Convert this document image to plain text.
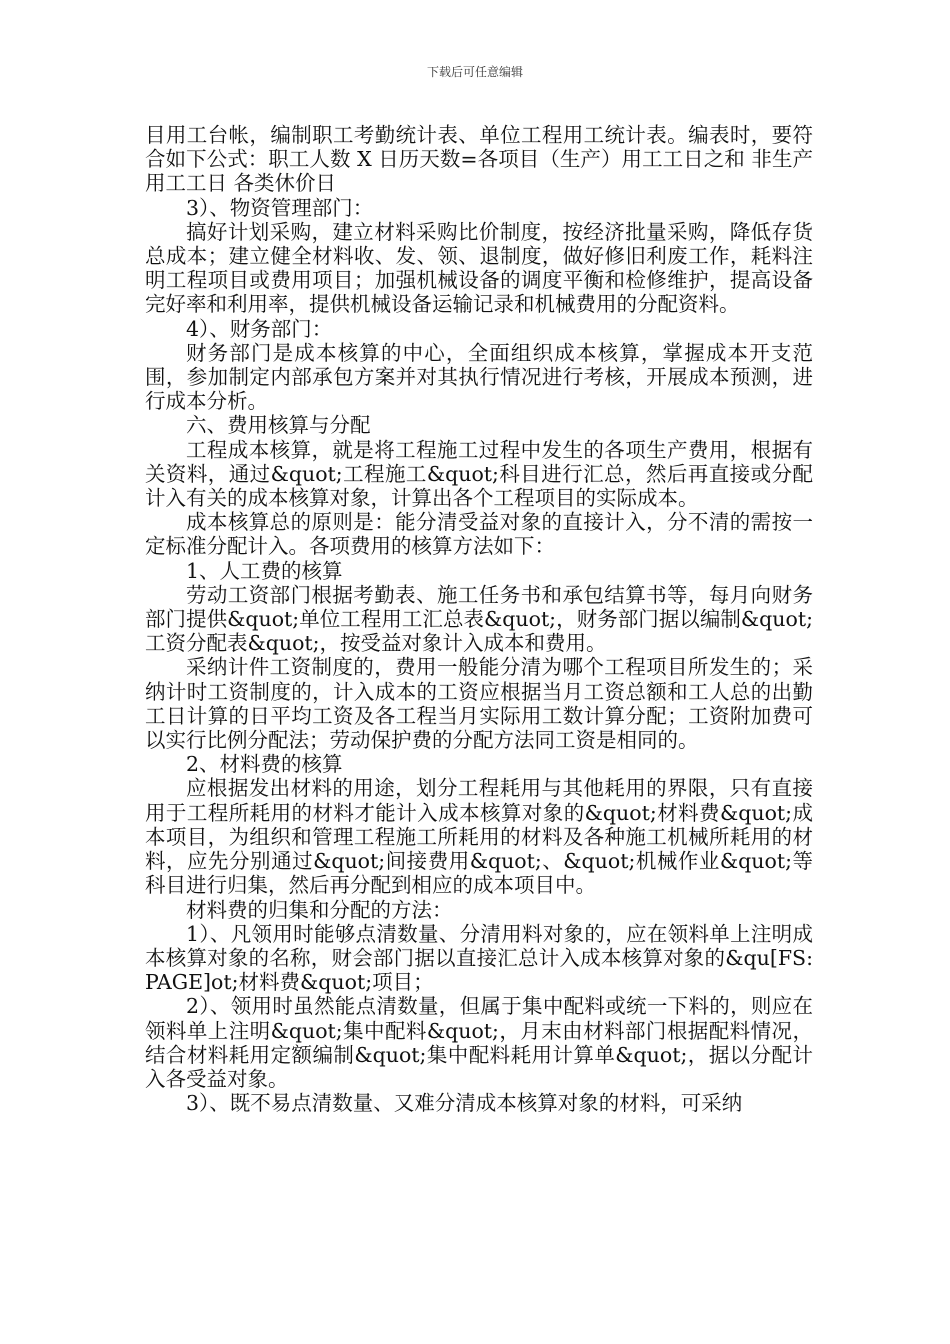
下载后可任意编辑

目用工台帐，编制职工考勤统计表、单位工程用工统计表。编表时，要符合如下公式：职工人数 X 日历天数=各项目（生产）用工工日之和 非生产用工工日 各类休价日

3）、物资管理部门：

搞好计划采购，建立材料采购比价制度，按经济批量采购，降低存货总成本；建立健全材料收、发、领、退制度，做好修旧利废工作，耗料注明工程项目或费用项目；加强机械设备的调度平衡和检修维护，提高设备完好率和利用率，提供机械设备运输记录和机械费用的分配资料。

4）、财务部门：

财务部门是成本核算的中心，全面组织成本核算，掌握成本开支范围，参加制定内部承包方案并对其执行情况进行考核，开展成本预测，进行成本分析。

六、费用核算与分配

工程成本核算，就是将工程施工过程中发生的各项生产费用，根据有关资料，通过&quot;工程施工&quot;科目进行汇总，然后再直接或分配计入有关的成本核算对象，计算出各个工程项目的实际成本。

成本核算总的原则是：能分清受益对象的直接计入，分不清的需按一定标准分配计入。各项费用的核算方法如下：

1、人工费的核算

劳动工资部门根据考勤表、施工任务书和承包结算书等，每月向财务部门提供&quot;单位工程用工汇总表&quot;，财务部门据以编制&quot;工资分配表&quot;，按受益对象计入成本和费用。

采纳计件工资制度的，费用一般能分清为哪个工程项目所发生的；采纳计时工资制度的，计入成本的工资应根据当月工资总额和工人总的出勤工日计算的日平均工资及各工程当月实际用工数计算分配；工资附加费可以实行比例分配法；劳动保护费的分配方法同工资是相同的。

2、材料费的核算

应根据发出材料的用途，划分工程耗用与其他耗用的界限，只有直接用于工程所耗用的材料才能计入成本核算对象的&quot;材料费&quot;成本项目，为组织和管理工程施工所耗用的材料及各种施工机械所耗用的材料，应先分别通过&quot;间接费用&quot;、&quot;机械作业&quot;等科目进行归集，然后再分配到相应的成本项目中。

材料费的归集和分配的方法：

1）、凡领用时能够点清数量、分清用料对象的，应在领料单上注明成本核算对象的名称，财会部门据以直接汇总计入成本核算对象的&qu[FS:PAGE]ot;材料费&quot;项目；

2）、领用时虽然能点清数量，但属于集中配料或统一下料的，则应在领料单上注明&quot;集中配料&quot;，月末由材料部门根据配料情况，结合材料耗用定额编制&quot;集中配料耗用计算单&quot;，据以分配计入各受益对象。

3）、既不易点清数量、又难分清成本核算对象的材料，可采纳
